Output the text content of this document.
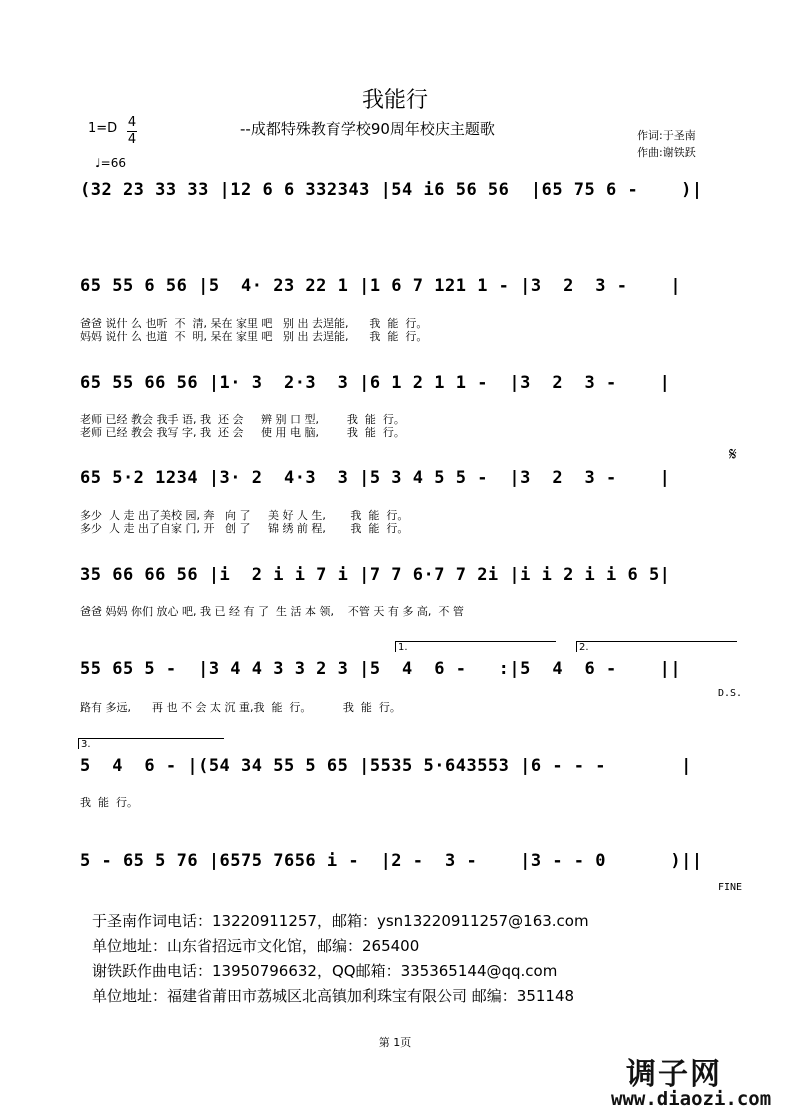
我能行
--成都特殊教育学校90周年校庆主题歌
1=D 4
4
♩=66
作词:于圣南
作曲:谢铁跃
(32 23 33 33 |12 6 6 332343 |54 i6 56 56  |65 75 6 -    )|
65 55 6 56 |5  4· 23 22 1 |1 6 7 121 1 - |3  2  3 -    |
爸爸 说什 么 也听  不  清, 呆在 家里 吧   别 出 去逞能,      我  能  行。
妈妈 说什 么 也道  不  明, 呆在 家里 吧   别 出 去逞能,      我  能  行。
65 55 66 56 |1· 3  2·3  3 |6 1 2 1 1 -  |3  2  3 -    |
老师 已经 教会 我手 语, 我  还 会     辨 别 口 型,        我  能  行。
老师 已经 教会 我写 字, 我  还 会     使 用 电 脑,        我  能  行。
65 5·2 1234 |3· 2  4·3  3 |5 3 4 5 5 -  |3  2  3 -    |
多少  人 走 出了美校 园, 奔   向 了     美 好 人 生,       我  能  行。
多少  人 走 出了自家 门, 开   创 了     锦 绣 前 程,       我  能  行。
35 66 66 56 |i  2 i i 7 i |7 7 6·7 7 2i |i i 2 i i 6 5|
爸爸 妈妈 你们 放心 吧, 我 已 经 有 了  生 活 本 领,    不管 天 有 多 高,  不 管
55 65 5 -  |3 4 4 3 3 2 3 |5  4  6 -   :|5  4  6 -    ||
路有 多远,      再 也 不 会 太 沉 重,我  能  行。         我  能  行。
5  4  6 - |(54 34 55 5 65 |5535 5·643553 |6 - - -       |
我  能  行。
5 - 65 5 76 |6575 7656 i -  |2 -  3 -    |3 - - 0      )||
1.	2.
3.
𝄋
D.S.
FINE
于圣南作词电话：13220911257，邮箱：ysn13220911257@163.com
单位地址：山东省招远市文化馆，邮编：265400
谢铁跃作曲电话：13950796632，QQ邮箱：335365144@qq.com
单位地址：福建省莆田市荔城区北高镇加利珠宝有限公司 邮编：351148
第 1页
调子网
www.diaozi.com
